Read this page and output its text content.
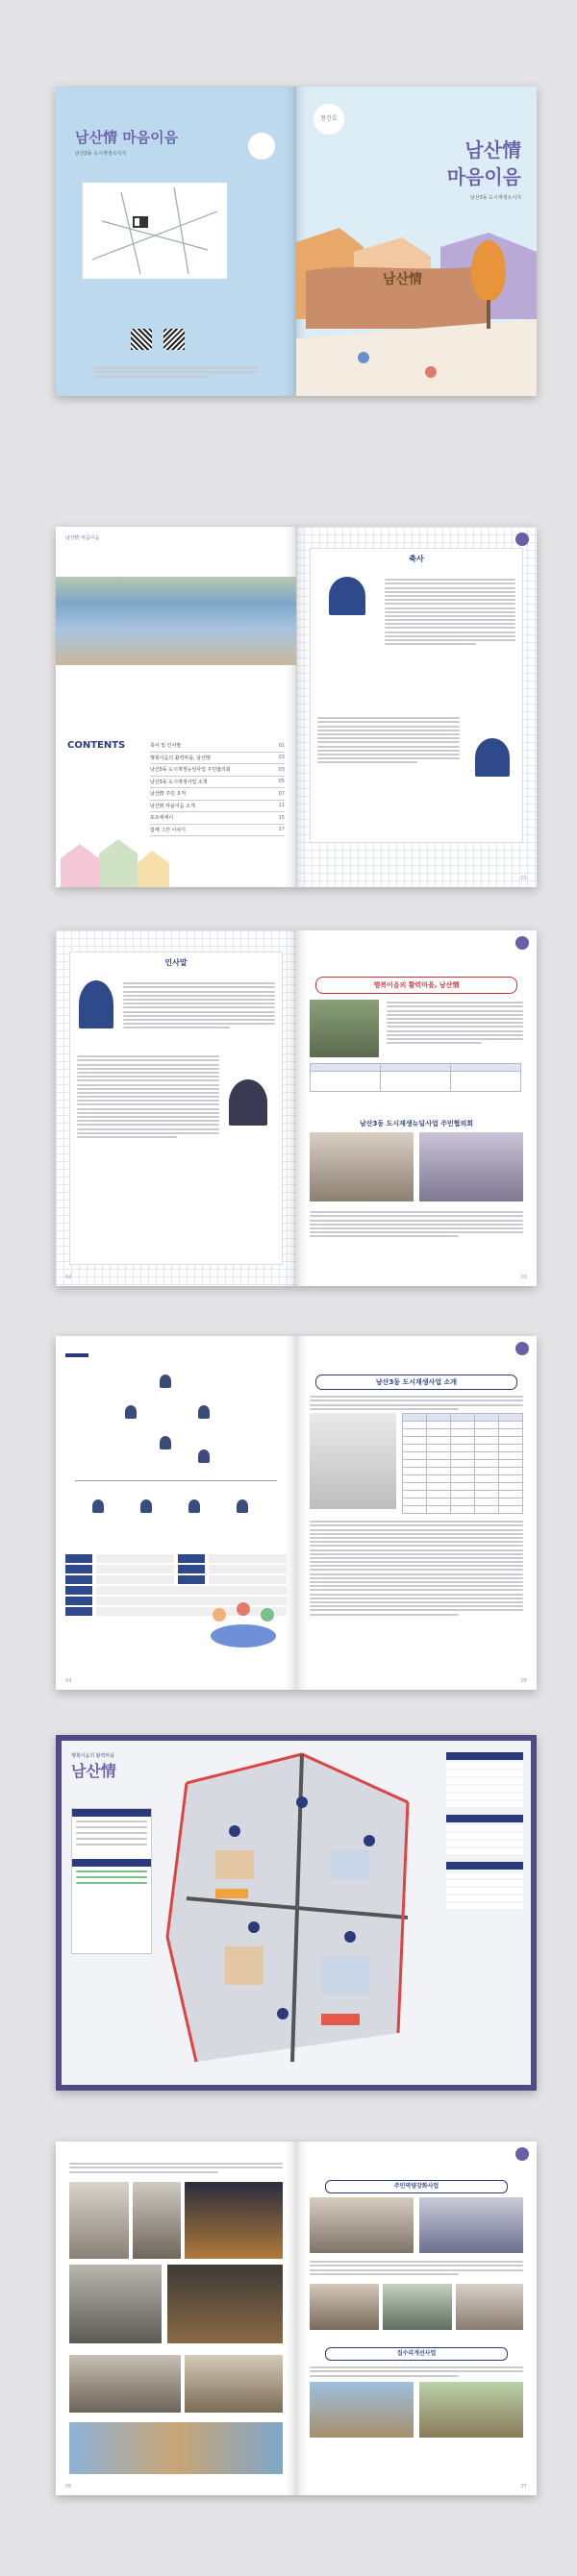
남산情 마음이음
남산3동 도시재생소식지
창간호
남산情
마음이음
남산3동 도시재생소식지
남산情
남산情 마음이음
CONTENTS	축사 및 인사말	01
행복이음의 활력마을, 남산情	03
남산3동 도시재생뉴딜사업 주민협의회	03
남산3동 도시재생사업 소개	05
남산情 주민 조직	07
남산情 마을이음 소개	11
포토에세이	15
함께 그린 이야기	17
축사
01
인사말
02
행복이음의 활력마을, 남산情

남산3동 도시재생뉴딜사업 주민협의회
03
04
남산3동 도시재생사업 소개

05
행복이음의 활력마을
남산情
06
주민역량강화사업
집수리개선사업
07
